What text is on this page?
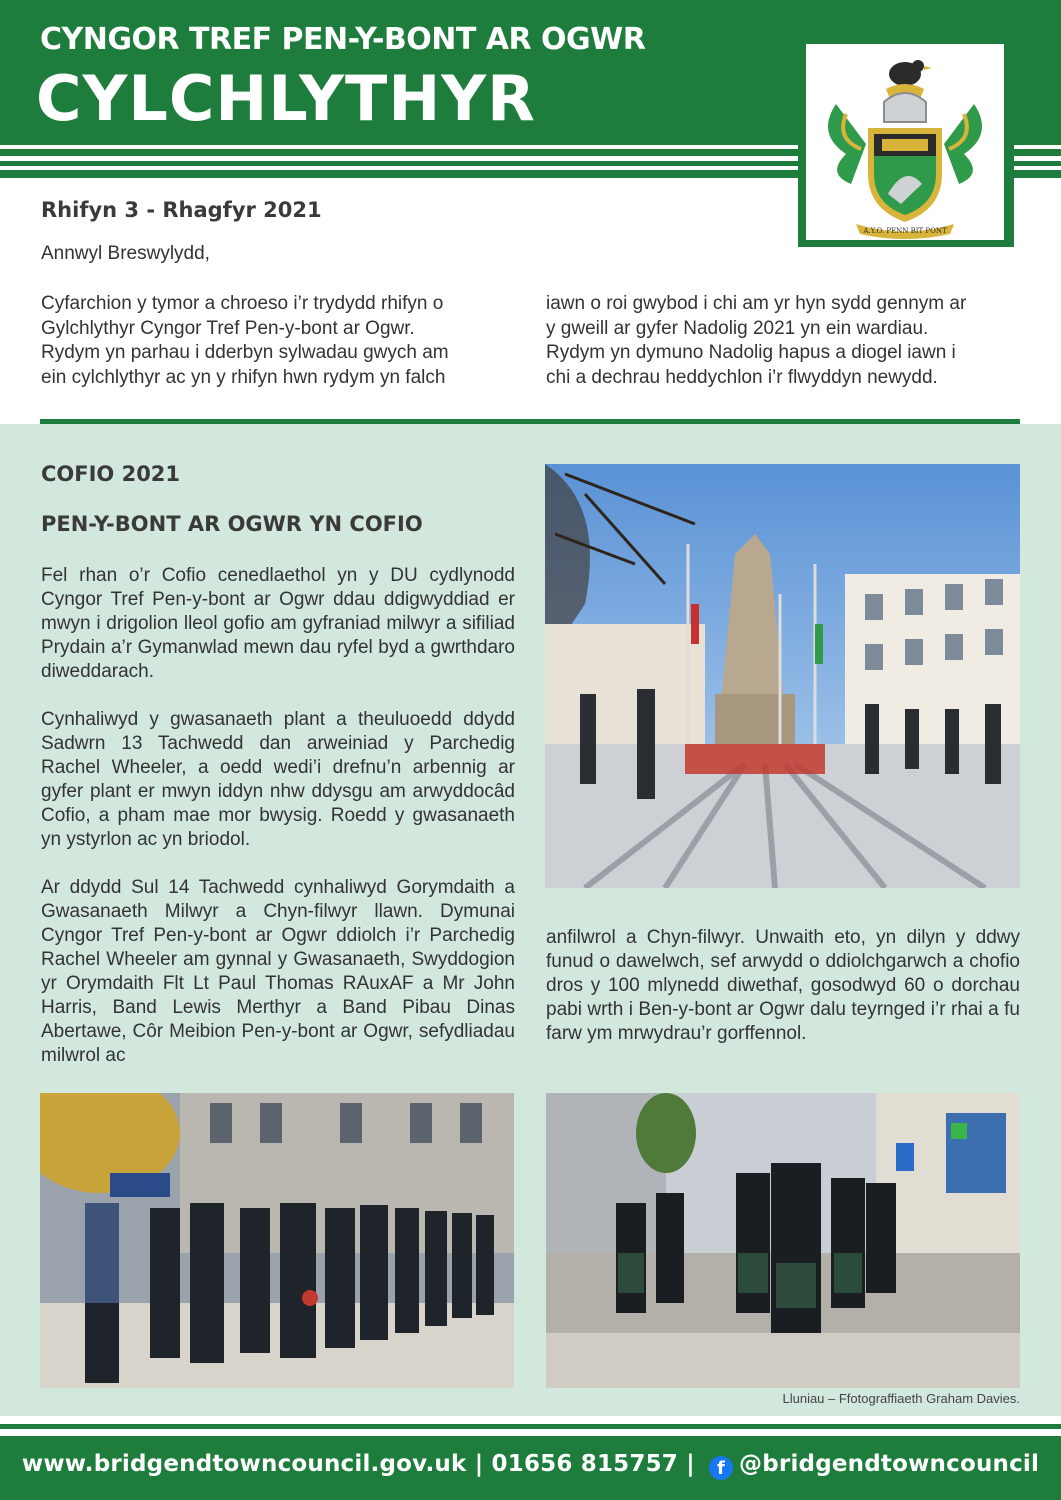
CYNGOR TREF PEN-Y-BONT AR OGWR
CYLCHLYTHYR
A.Y.O. PENN BIT PONT
Rhifyn 3 - Rhagfyr 2021
Annwyl Breswylydd,
Cyfarchion y tymor a chroeso i’r trydydd rhifyn o
Gylchlythyr Cyngor Tref Pen-y-bont ar Ogwr.
Rydym yn parhau i dderbyn sylwadau gwych am
ein cylchlythyr ac yn y rhifyn hwn rydym yn falch
iawn o roi gwybod i chi am yr hyn sydd gennym ar
y gweill ar gyfer Nadolig 2021 yn ein wardiau.
Rydym yn dymuno Nadolig hapus a diogel iawn i
chi a dechrau heddychlon i’r flwyddyn newydd.
COFIO 2021
PEN-Y-BONT AR OGWR YN COFIO
Fel rhan o’r Cofio cenedlaethol yn y DU cydlynodd Cyngor Tref Pen-y-bont ar Ogwr ddau ddigwyddiad er mwyn i drigolion lleol gofio am gyfraniad milwyr a sifiliad Prydain a’r Gymanwlad mewn dau ryfel byd a gwrthdaro diweddarach.
Cynhaliwyd y gwasanaeth plant a theuluoedd ddydd Sadwrn 13 Tachwedd dan arweiniad y Parchedig Rachel Wheeler, a oedd wedi’i drefnu’n arbennig ar gyfer plant er mwyn iddyn nhw ddysgu am arwyddocâd Cofio, a pham mae mor bwysig. Roedd y gwasanaeth yn ystyrlon ac yn briodol.
Ar ddydd Sul 14 Tachwedd cynhaliwyd Gorymdaith a Gwasanaeth Milwyr a Chyn-filwyr llawn. Dymunai Cyngor Tref Pen-y-bont ar Ogwr ddiolch i’r Parchedig Rachel Wheeler am gynnal y Gwasanaeth, Swyddogion yr Orymdaith Flt Lt Paul Thomas RAuxAF a Mr John Harris, Band Lewis Merthyr a Band Pibau Dinas Abertawe, Côr Meibion Pen-y-bont ar Ogwr, sefydliadau milwrol ac
anfilwrol a Chyn-filwyr. Unwaith eto, yn dilyn y ddwy funud o dawelwch, sef arwydd o ddiolchgarwch a chofio dros y 100 mlynedd diwethaf, gosodwyd 60 o dorchau pabi wrth i Ben-y-bont ar Ogwr dalu teyrnged i’r rhai a fu farw ym mrwydrau’r gorffennol.
Lluniau – Ffotograffiaeth Graham Davies.
www.bridgendtowncouncil.gov.uk | 01656 815757 | f @bridgendtowncouncil
